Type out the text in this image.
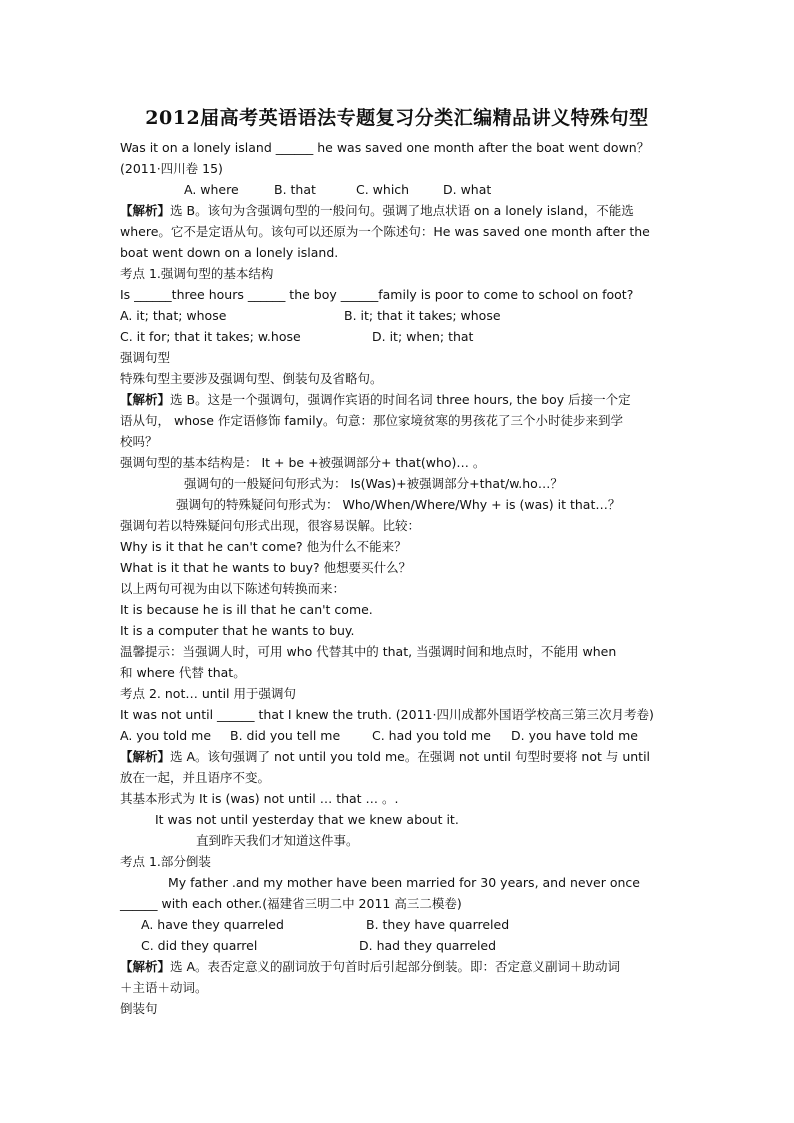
2012届高考英语语法专题复习分类汇编精品讲义特殊句型
Was it on a lonely island ______ he was saved one month after the boat went down？
(2011·四川卷 15)
A. where	B. that	C. which	D. what
【解析】选 B。该句为含强调句型的一般问句。强调了地点状语 on a lonely island，不能选
where。它不是定语从句。该句可以还原为一个陈述句：He was saved one month after the
boat went down on a lonely island.
考点 1.强调句型的基本结构
Is ______three hours ______ the boy ______family is poor to come to school on foot?
A. it; that; whose	B. it; that it takes; whose
C. it for; that it takes; w.hose	D. it; when; that
强调句型
特殊句型主要涉及强调句型、倒装句及省略句。
【解析】选 B。这是一个强调句，强调作宾语的时间名词 three hours, the boy 后接一个定
语从句， whose 作定语修饰 family。句意：那位家境贫寒的男孩花了三个小时徒步来到学
校吗？
强调句型的基本结构是： It + be +被强调部分+ that(who)… 。
强调句的一般疑问句形式为： Is(Was)+被强调部分+that/w.ho…？
强调句的特殊疑问句形式为： Who/When/Where/Why + is (was) it that…？
强调句若以特殊疑问句形式出现，很容易误解。比较：
Why is it that he can't come? 他为什么不能来？
What is it that he wants to buy? 他想要买什么？
以上两句可视为由以下陈述句转换而来：
It is because he is ill that he can't come.
It is a computer that he wants to buy.
温馨提示：当强调人时，可用 who 代替其中的 that, 当强调时间和地点时，不能用 when
和 where 代替 that。
考点 2. not… until 用于强调句
It was not until ______ that I knew the truth. (2011·四川成都外国语学校高三第三次月考卷)
A. you told me B. did you tell me	C. had you told me D. you have told me
【解析】选 A。该句强调了 not until you told me。在强调 not until 句型时要将 not 与 until
放在一起，并且语序不变。
其基本形式为 It is (was) not until … that … 。.
It was not until yesterday that we knew about it.
直到昨天我们才知道这件事。
考点 1.部分倒装
My father .and my mother have been married for 30 years, and never once
______ with each other.(福建省三明二中 2011 高三二模卷)
A. have they quarreled	B. they have quarreled
C. did they quarrel	D. had they quarreled
【解析】选 A。表否定意义的副词放于句首时后引起部分倒装。即：否定意义副词＋助动词
＋主语＋动词。
倒装句
